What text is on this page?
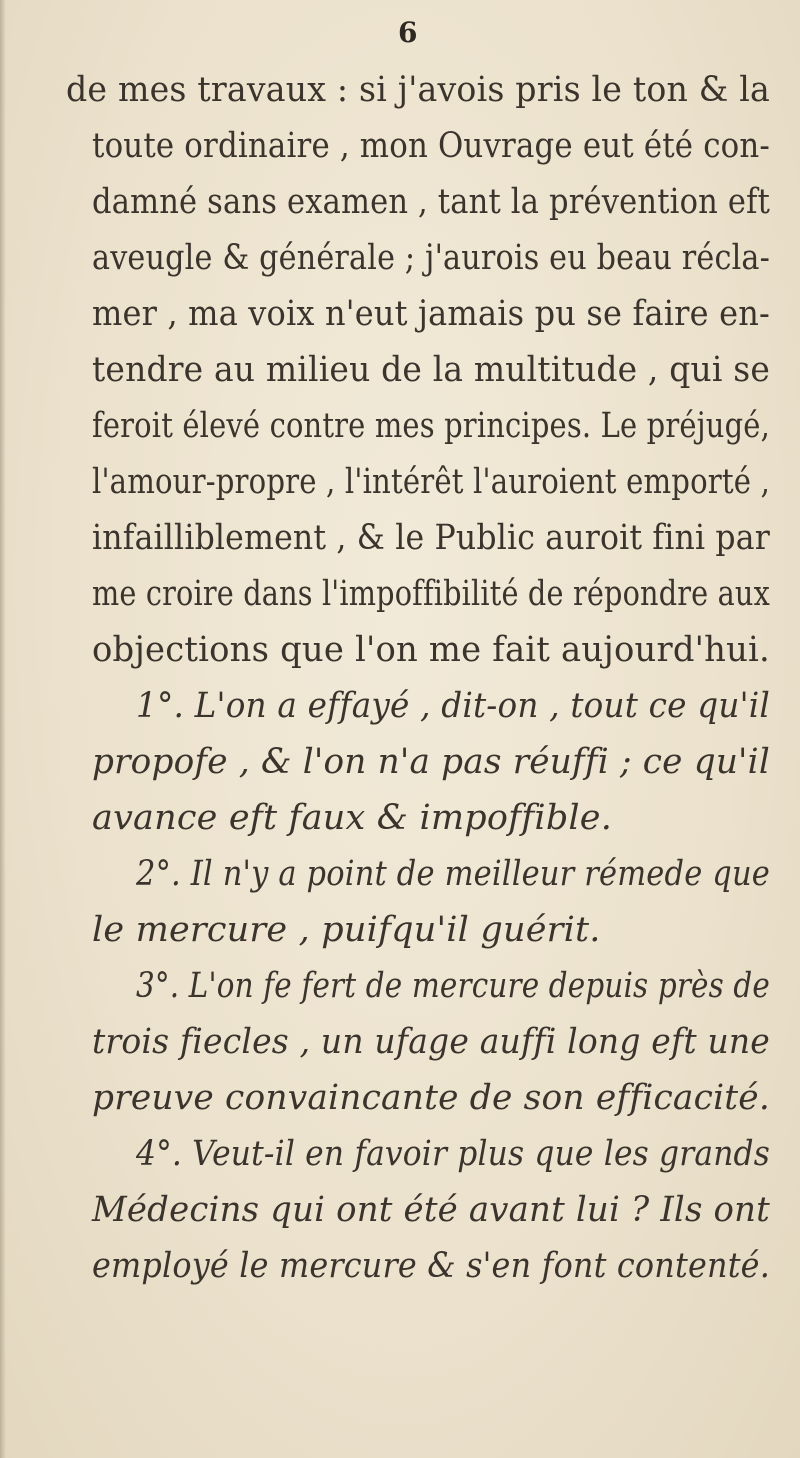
6
de mes travaux : si j'avois pris le ton & la
toute ordinaire , mon Ouvrage eut été con-
damné sans examen , tant la prévention eft
aveugle & générale ; j'aurois eu beau récla-
mer , ma voix n'eut jamais pu se faire en-
tendre au milieu de la multitude , qui se
feroit élevé contre mes principes. Le préjugé,
l'amour-propre , l'intérêt l'auroient emporté ,
infailliblement , & le Public auroit fini par
me croire dans l'impoffibilité de répondre aux
objections que l'on me fait aujourd'hui.
1°. L'on a effayé , dit-on , tout ce qu'il
propofe , & l'on n'a pas réuffi ; ce qu'il
avance eft faux & impoffible.
2°. Il n'y a point de meilleur rémede que
le mercure , puifqu'il guérit.
3°. L'on fe fert de mercure depuis près de
trois fiecles , un ufage auffi long eft une
preuve convaincante de son efficacité.
4°. Veut-il en favoir plus que les grands
Médecins qui ont été avant lui ? Ils ont
employé le mercure & s'en font contenté.
